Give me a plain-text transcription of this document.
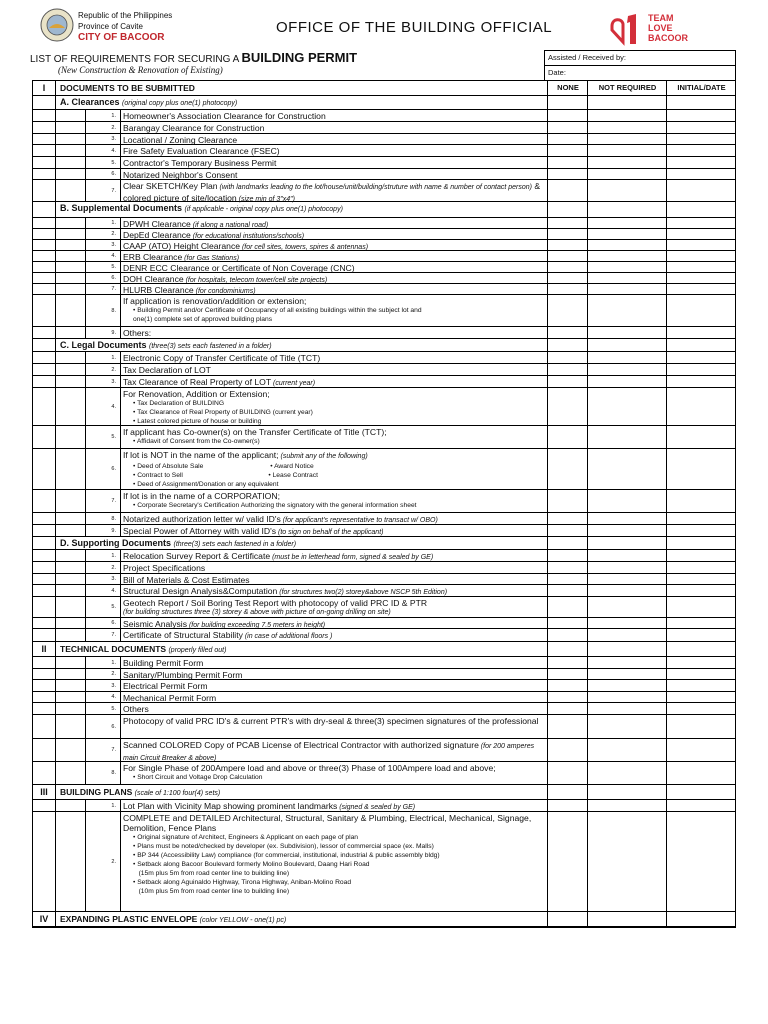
Republic of the Philippines
Province of Cavite
CITY OF BACOOR
OFFICE OF THE BUILDING OFFICIAL
TEAM
LOVE
BACOOR
LIST OF REQUIREMENTS FOR SECURING A BUILDING PERMIT
(New Construction & Renovation of Existing)
Assisted / Received by:
Date:
I	DOCUMENTS TO BE SUBMITTED	NONE	NOT REQUIRED	INITIAL/DATE
A. Clearances (original copy plus one(1) photocopy)
1. Homeowner's Association Clearance for Construction
2. Barangay Clearance for Construction
3. Locational / Zoning Clearance
4. Fire Safety Evaluation Clearance (FSEC)
5. Contractor's Temporary Business Permit
6. Notarized Neighbor's Consent
7. Clear SKETCH/Key Plan (with landmarks leading to the lot/house/unit/building/struture with name & number of contact person) & colored picture of site/location (size min of 3"x4")
B. Supplemental Documents (if applicable - original copy plus one(1) photocopy)
1. DPWH Clearance (if along a national road)
2. DepEd Clearance (for educational institutions/schools)
3. CAAP (ATO) Height Clearance (for cell sites, towers, spires & antennas)
4. ERB Clearance (for Gas Stations)
5. DENR ECC Clearance or Certificate of Non Coverage (CNC)
6. DOH Clearance (for hospitals, telecom tower/cell site projects)
7. HLURB Clearance (for condominiums)
8.
If application is renovation/addition or extension;
• Building Permit and/or Certificate of Occupancy of all existing buildings within the subject lot and
one(1) complete set of approved building plans
9. Others:
C. Legal Documents (three(3) sets each fastened in a folder)
1. Electronic Copy of Transfer Certificate of Title (TCT)
2. Tax Declaration of LOT
3. Tax Clearance of Real Property of LOT (current year)
4.
For Renovation, Addition or Extension;
• Tax Declaration of BUILDING
• Tax Clearance of Real Property of BUILDING (current year)
• Latest colored picture of house or building
5. If applicant has Co-owner(s) on the Transfer Certificate of Title (TCT);
• Affidavit of Consent from the Co-owner(s)
6.
If lot is NOT in the name of the applicant; (submit any of the following)
• Deed of Absolute Sale                                    • Award Notice
• Contract to Sell                                              • Lease Contract
• Deed of Assignment/Donation or any equivalent
7. If lot is in the name of a CORPORATION;
• Corporate Secretary's Certification Authorizing the signatory with the general information sheet
8. Notarized authorization letter w/ valid ID's (for applicant's representative to transact w/ OBO)
9. Special Power of Attorney with valid ID's (to sign on behalf of the applicant)
D. Supporting Documents (three(3) sets each fastened in a folder)
1. Relocation Survey Report & Certificate (must be in letterhead form, signed & sealed by GE)
2. Project Specifications
3. Bill of Materials & Cost Estimates
4. Structural Design Analysis&Computation (for structures two(2) storey&above NSCP 5th Edition)
5. Geotech Report / Soil Boring Test Report with photocopy of valid PRC ID & PTR
(for building structures three (3) storey & above with picture of on-going drilling on site)
6. Seismic Analysis (for building exceeding 7.5 meters in height)
7. Certificate of Structural Stability (in case of additional floors )
II	TECHNICAL DOCUMENTS (properly filled out)
1. Building Permit Form
2. Sanitary/Plumbing Permit Form
3. Electrical Permit Form
4. Mechanical Permit Form
5. Others
6.
Photocopy of valid PRC ID's & current PTR's with dry-seal & three(3) specimen signatures of the professional
7. Scanned COLORED Copy of PCAB License of Electrical Contractor with authorized signature (for 200 amperes main Circuit Breaker & above)
8. For Single Phase of 200Ampere load and above or three(3) Phase of 100Ampere load and above;
• Short Circuit and Voltage Drop Calculation
III	BUILDING PLANS (scale of 1:100 four(4) sets)
1. Lot Plan with Vicinity Map showing prominent landmarks (signed & sealed by GE)
2.
COMPLETE and DETAILED Architectural, Structural, Sanitary & Plumbing, Electrical, Mechanical, Signage, Demolition, Fence Plans
• Original signature of Architect, Engineers & Applicant on each page of plan
• Plans must be noted/checked by developer (ex. Subdivision), lessor of commercial space (ex. Malls)
• BP 344 (Accessibility Law) compliance (for commercial, institutional, industrial & public assembly bldg)
• Setback along Bacoor Boulevard formerly Molino Boulevard, Daang Hari Road
(15m plus 5m from road center line to building line)
• Setback along Aguinaldo Highway, Tirona Highway, Aniban-Molino Road
(10m plus 5m from road center line to building line)
IV	EXPANDING PLASTIC ENVELOPE (color YELLOW - one(1) pc)
